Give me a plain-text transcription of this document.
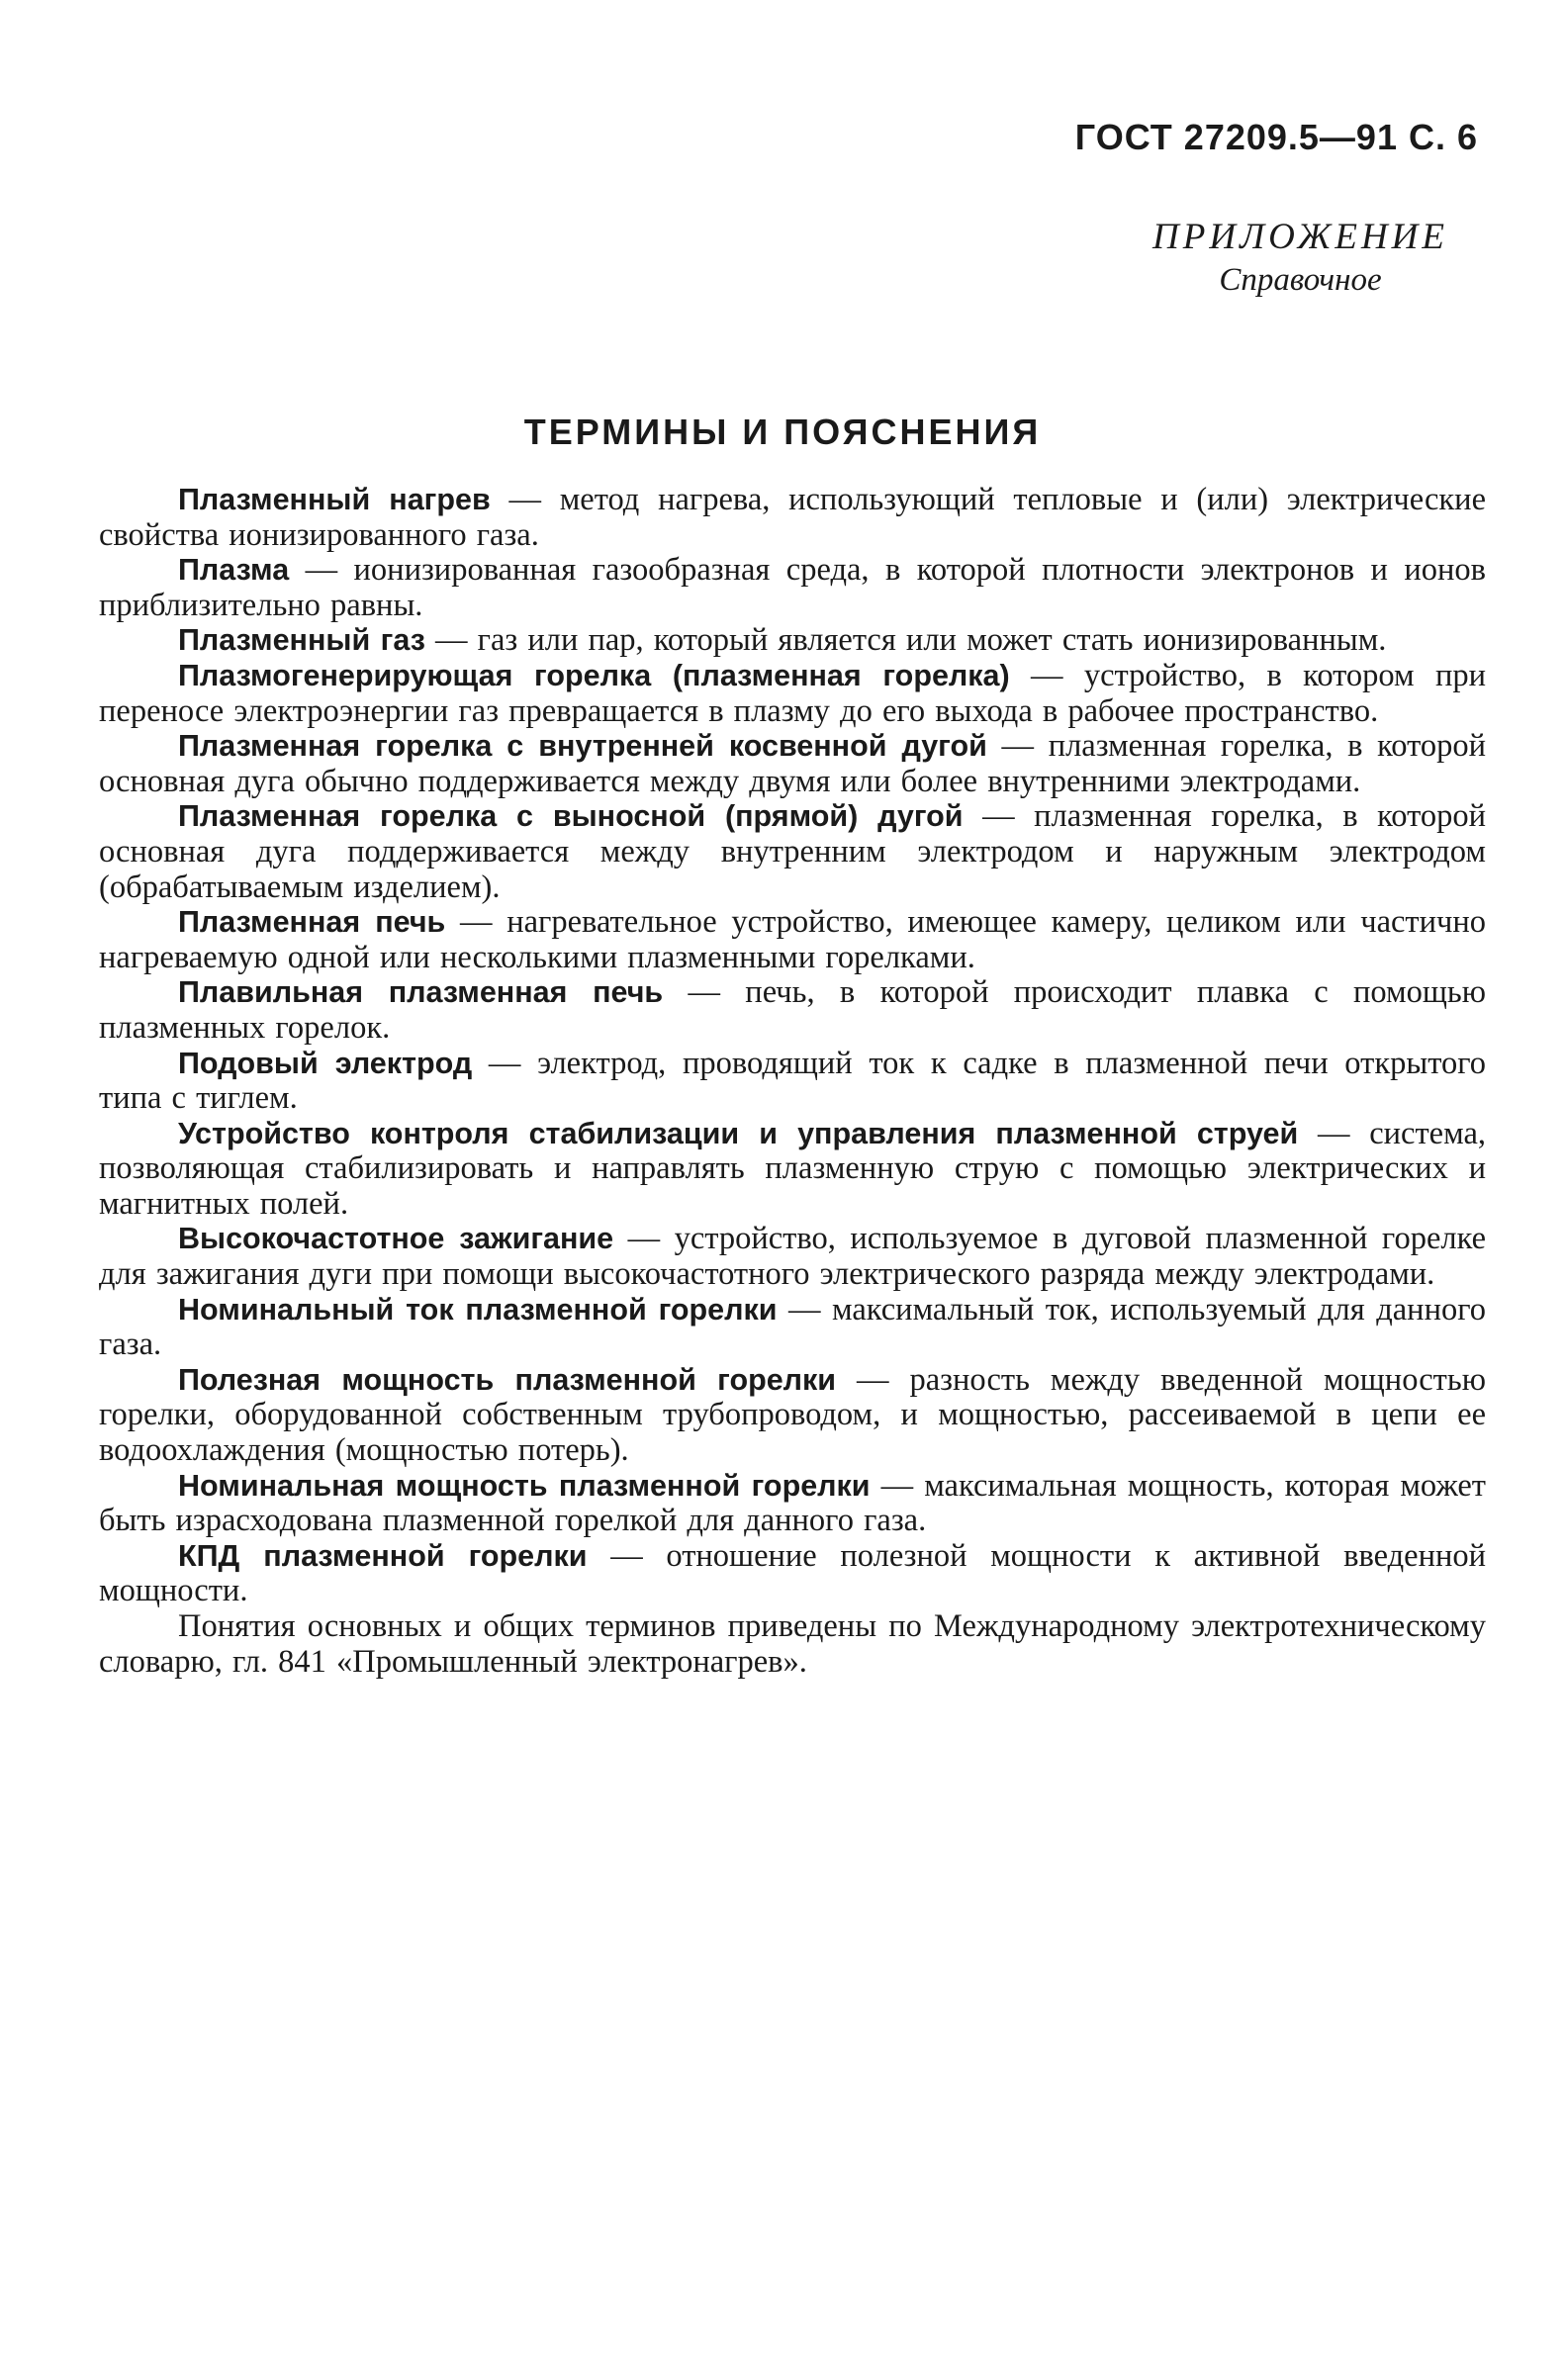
ГОСТ 27209.5—91 С. 6
ПРИЛОЖЕНИЕ
Справочное
ТЕРМИНЫ И ПОЯСНЕНИЯ

Плазменный нагрев — метод нагрева, использующий тепловые и (или) электрические свойства ионизированного газа.

Плазма — ионизированная газообразная среда, в которой плотности электронов и ионов приблизительно равны.

Плазменный газ — газ или пар, который является или может стать ионизированным.

Плазмогенерирующая горелка (плазменная горелка) — устройство, в котором при переносе электроэнергии газ превращается в плазму до его выхода в рабочее пространство.

Плазменная горелка с внутренней косвенной дугой — плазменная горелка, в которой основная дуга обычно поддерживается между двумя или более внутренними электродами.

Плазменная горелка с выносной (прямой) дугой — плазменная горелка, в которой основная дуга поддерживается между внутренним электродом и наружным электродом (обрабатываемым изделием).

Плазменная печь — нагревательное устройство, имеющее камеру, целиком или частично нагреваемую одной или несколькими плазменными горелками.

Плавильная плазменная печь — печь, в которой происходит плавка с помощью плазменных горелок.

Подовый электрод — электрод, проводящий ток к садке в плазменной печи открытого типа с тиглем.

Устройство контроля стабилизации и управления плазменной струей — система, позволяющая стабилизировать и направлять плазменную струю с помощью электрических и магнитных полей.

Высокочастотное зажигание — устройство, используемое в дуговой плазменной горелке для зажигания дуги при помощи высокочастотного электрического разряда между электродами.

Номинальный ток плазменной горелки — максимальный ток, используемый для данного газа.

Полезная мощность плазменной горелки — разность между введенной мощностью горелки, оборудованной собственным трубопроводом, и мощностью, рассеиваемой в цепи ее водоохлаждения (мощностью потерь).

Номинальная мощность плазменной горелки — максимальная мощность, которая может быть израсходована плазменной горелкой для данного газа.

КПД плазменной горелки — отношение полезной мощности к активной введенной мощности.

Понятия основных и общих терминов приведены по Международному электротехническому словарю, гл. 841 «Промышленный электронагрев».
